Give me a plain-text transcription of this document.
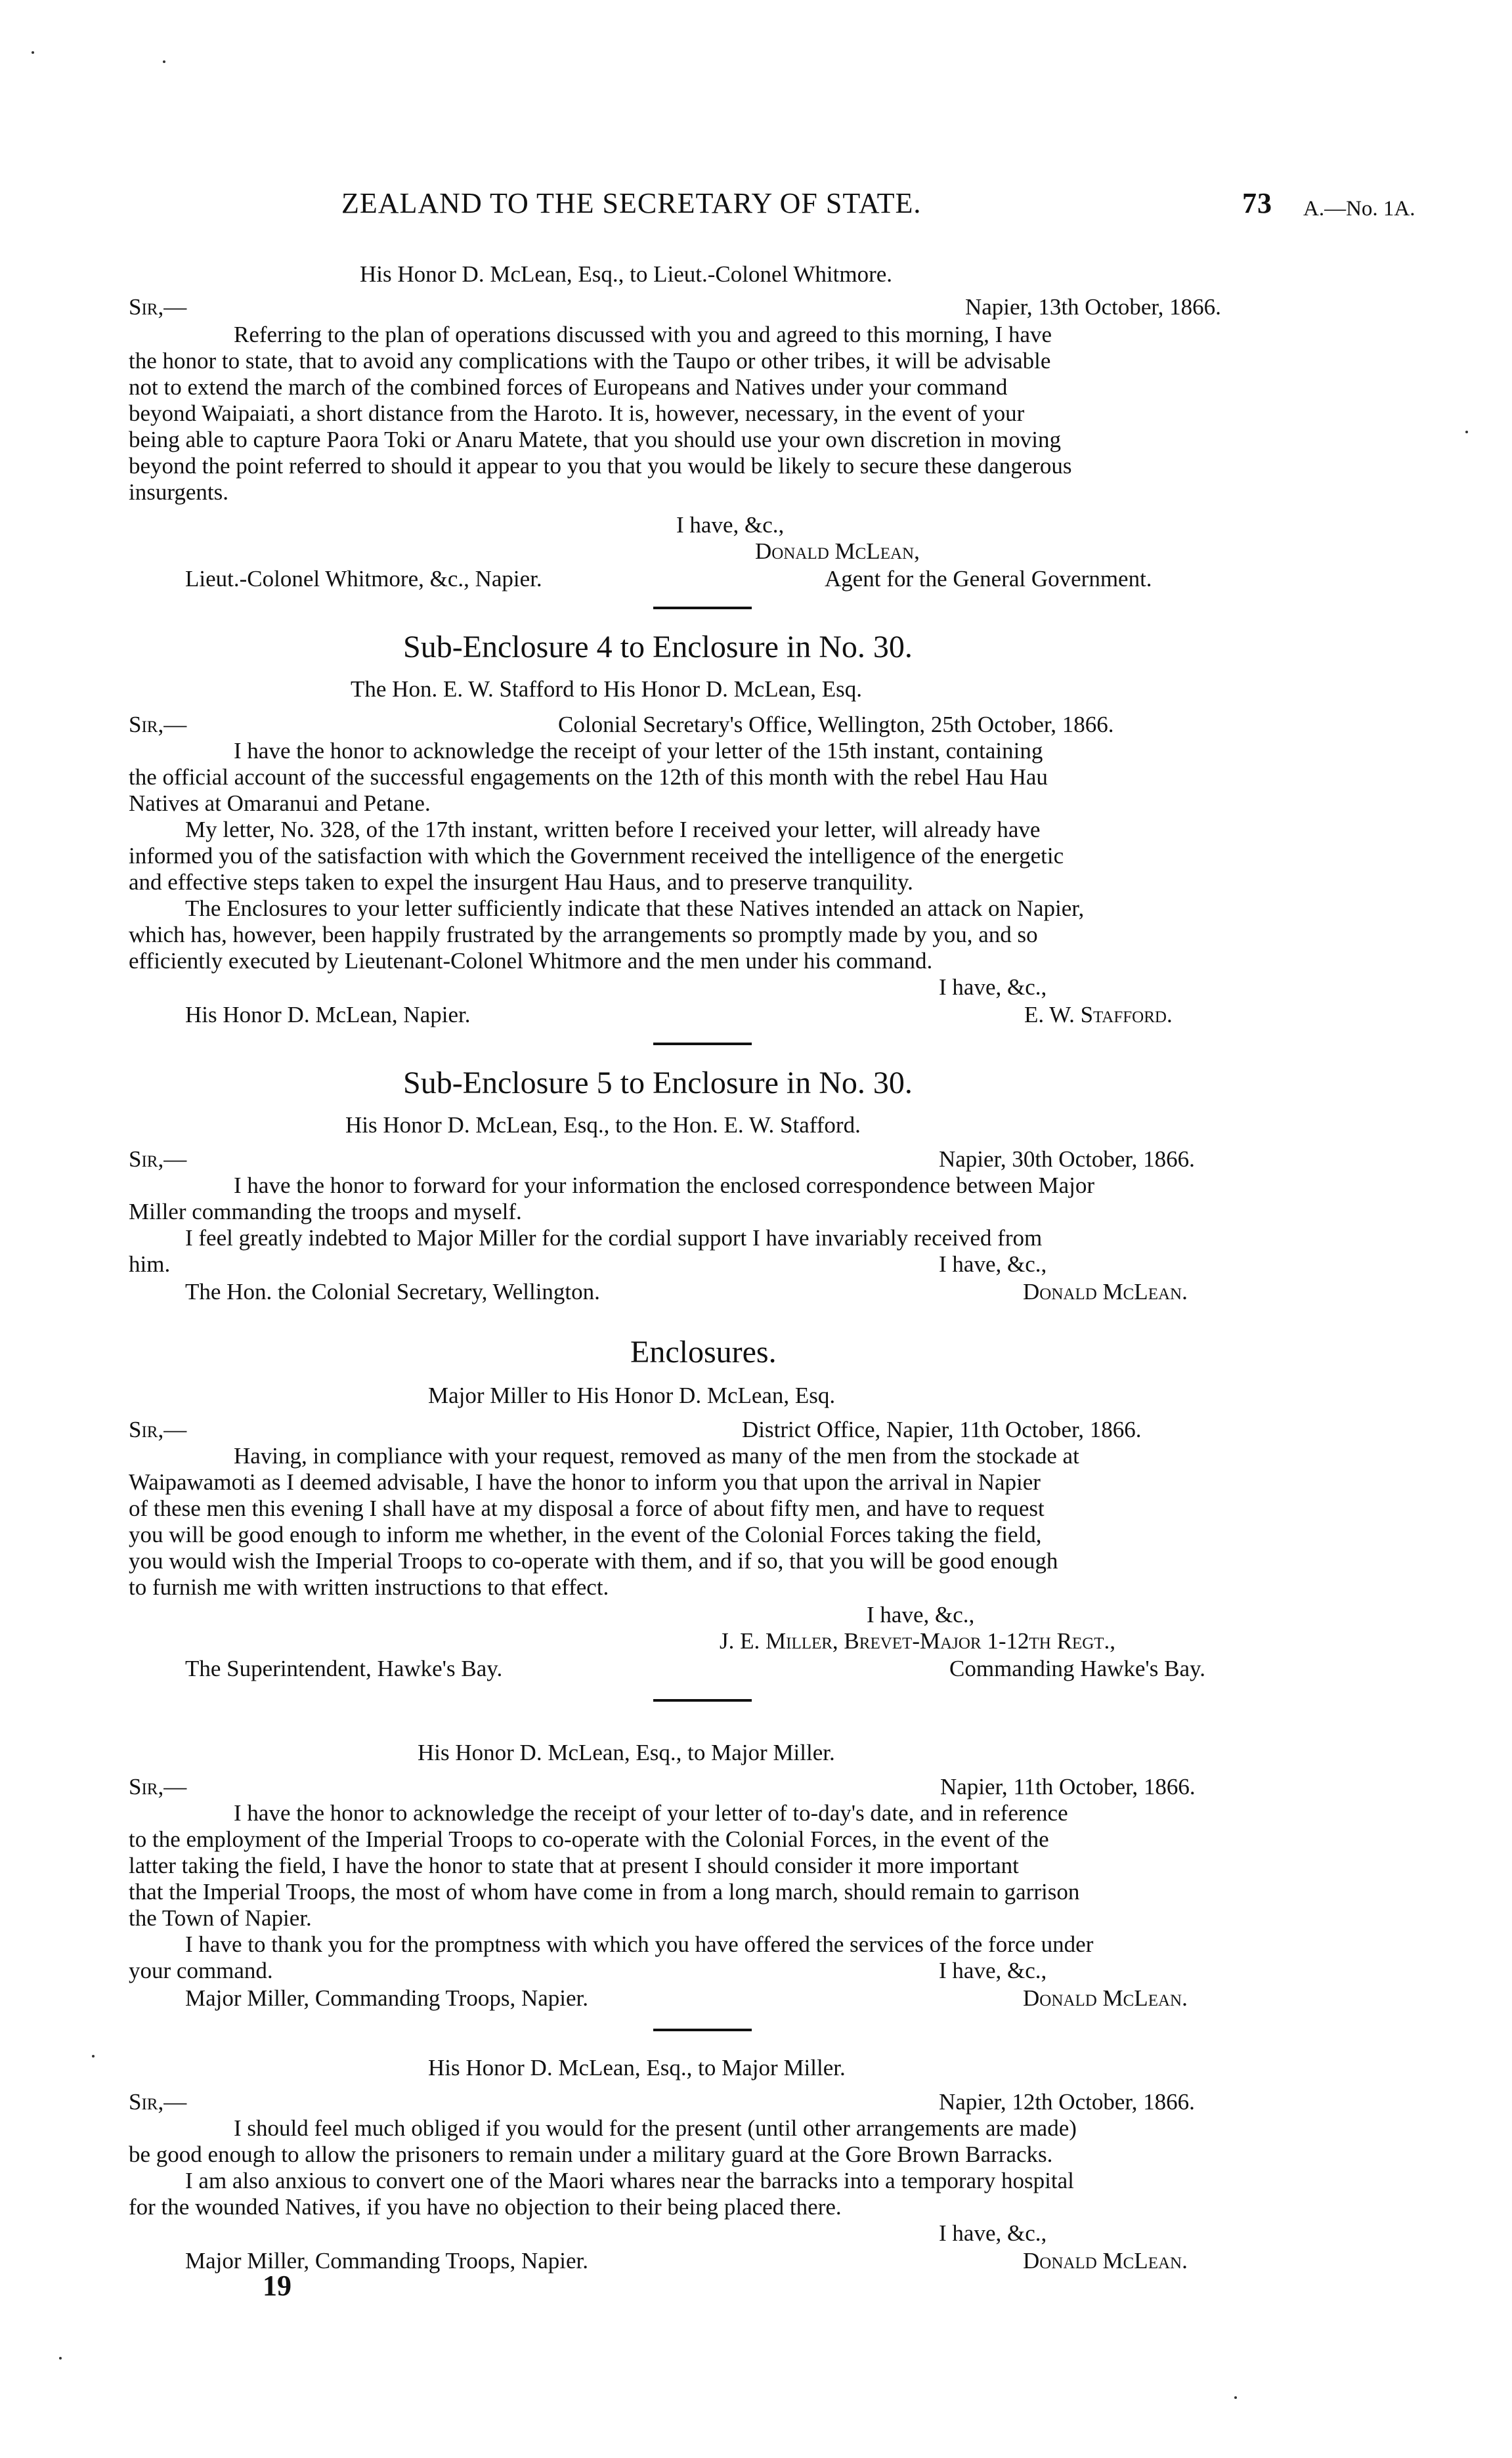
ZEALAND TO THE SECRETARY OF STATE.	73 A.—No. 1A.
His Honor D. McLean, Esq., to Lieut.-Colonel Whitmore.
Sir,—	Napier, 13th October, 1866.
Referring to the plan of operations discussed with you and agreed to this morning, I have
the honor to state, that to avoid any complications with the Taupo or other tribes, it will be advisable
not to extend the march of the combined forces of Europeans and Natives under your command
beyond Waipaiati, a short distance from the Haroto. It is, however, necessary, in the event of your
being able to capture Paora Toki or Anaru Matete, that you should use your own discretion in moving
beyond the point referred to should it appear to you that you would be likely to secure these dangerous
insurgents.
I have, &c.,
Donald McLean,
Lieut.-Colonel Whitmore, &c., Napier.	Agent for the General Government.
Sub-Enclosure 4 to Enclosure in No. 30.
The Hon. E. W. Stafford to His Honor D. McLean, Esq.
Sir,—	Colonial Secretary's Office, Wellington, 25th October, 1866.
I have the honor to acknowledge the receipt of your letter of the 15th instant, containing
the official account of the successful engagements on the 12th of this month with the rebel Hau Hau
Natives at Omaranui and Petane.
My letter, No. 328, of the 17th instant, written before I received your letter, will already have
informed you of the satisfaction with which the Government received the intelligence of the energetic
and effective steps taken to expel the insurgent Hau Haus, and to preserve tranquility.
The Enclosures to your letter sufficiently indicate that these Natives intended an attack on Napier,
which has, however, been happily frustrated by the arrangements so promptly made by you, and so
efficiently executed by Lieutenant-Colonel Whitmore and the men under his command.
I have, &c.,
His Honor D. McLean, Napier.	E. W. Stafford.
Sub-Enclosure 5 to Enclosure in No. 30.
His Honor D. McLean, Esq., to the Hon. E. W. Stafford.
Sir,—	Napier, 30th October, 1866.
I have the honor to forward for your information the enclosed correspondence between Major
Miller commanding the troops and myself.
I feel greatly indebted to Major Miller for the cordial support I have invariably received from
him.	I have, &c.,
The Hon. the Colonial Secretary, Wellington.	Donald McLean.
Enclosures.
Major Miller to His Honor D. McLean, Esq.
Sir,—	District Office, Napier, 11th October, 1866.
Having, in compliance with your request, removed as many of the men from the stockade at
Waipawamoti as I deemed advisable, I have the honor to inform you that upon the arrival in Napier
of these men this evening I shall have at my disposal a force of about fifty men, and have to request
you will be good enough to inform me whether, in the event of the Colonial Forces taking the field,
you would wish the Imperial Troops to co-operate with them, and if so, that you will be good enough
to furnish me with written instructions to that effect.
I have, &c.,
J. E. Miller, Brevet-Major 1-12th Regt.,
The Superintendent, Hawke's Bay.	Commanding Hawke's Bay.
His Honor D. McLean, Esq., to Major Miller.
Sir,—	Napier, 11th October, 1866.
I have the honor to acknowledge the receipt of your letter of to-day's date, and in reference
to the employment of the Imperial Troops to co-operate with the Colonial Forces, in the event of the
latter taking the field, I have the honor to state that at present I should consider it more important
that the Imperial Troops, the most of whom have come in from a long march, should remain to garrison
the Town of Napier.
I have to thank you for the promptness with which you have offered the services of the force under
your command.	I have, &c.,
Major Miller, Commanding Troops, Napier.	Donald McLean.
His Honor D. McLean, Esq., to Major Miller.
Sir,—	Napier, 12th October, 1866.
I should feel much obliged if you would for the present (until other arrangements are made)
be good enough to allow the prisoners to remain under a military guard at the Gore Brown Barracks.
I am also anxious to convert one of the Maori whares near the barracks into a temporary hospital
for the wounded Natives, if you have no objection to their being placed there.
I have, &c.,
Major Miller, Commanding Troops, Napier.	Donald McLean.
19
